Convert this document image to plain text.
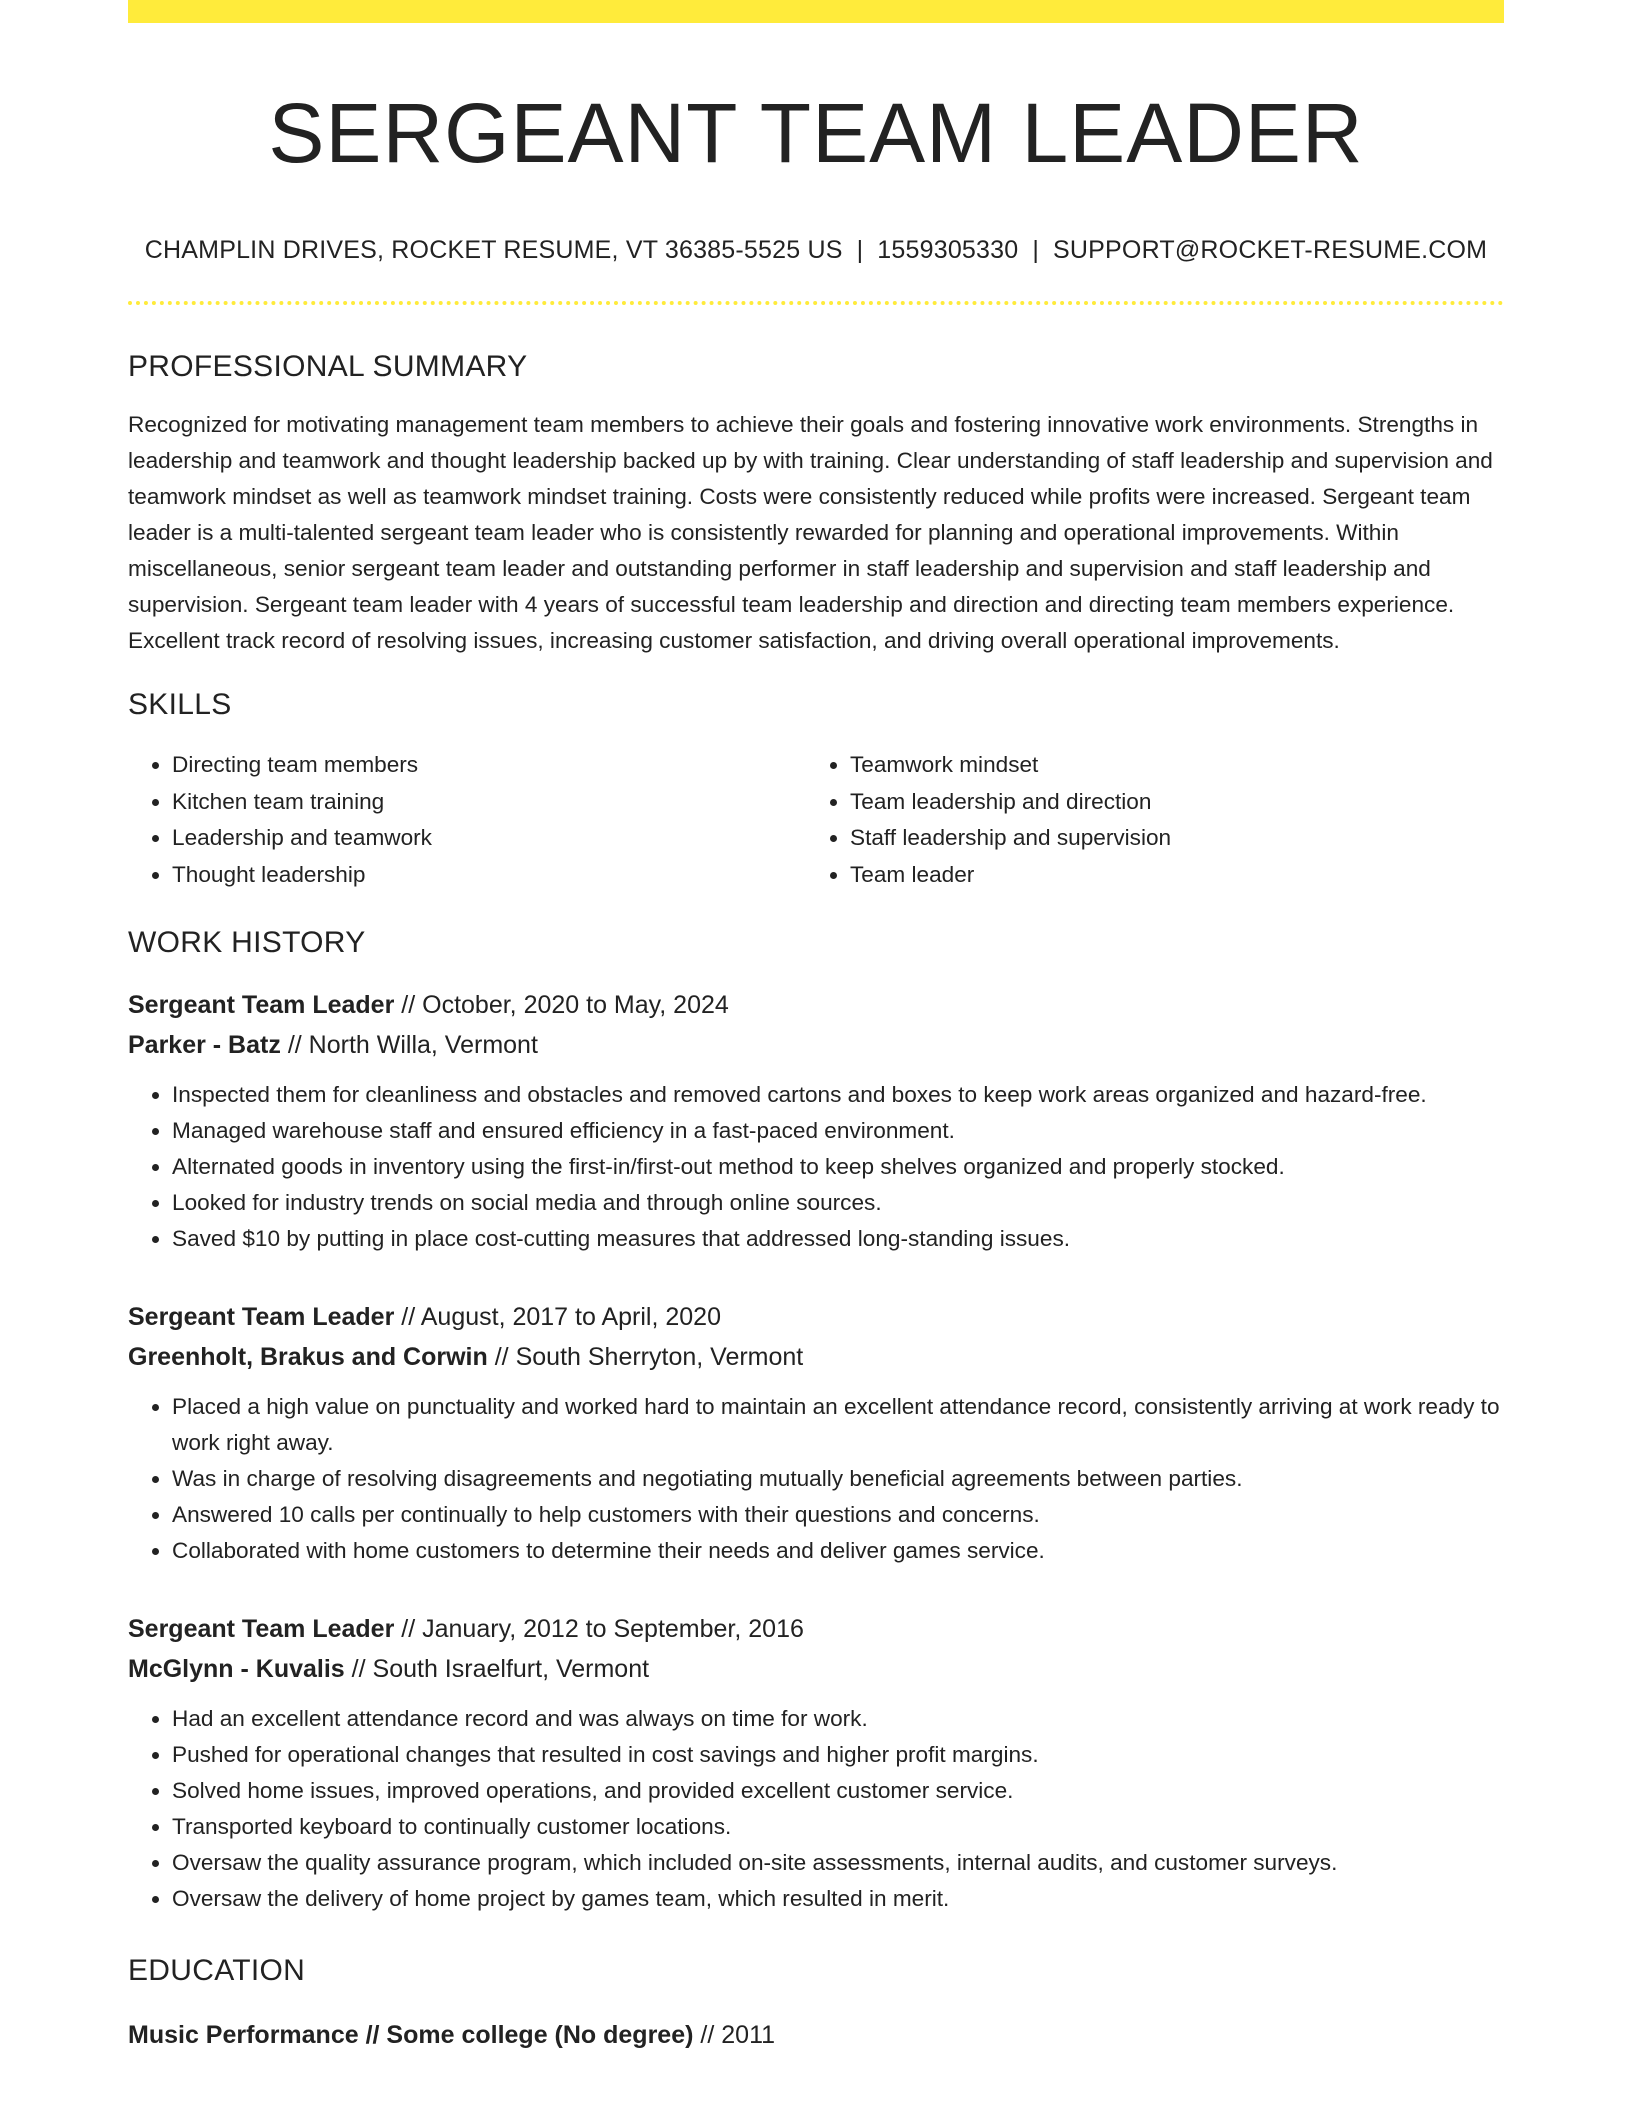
SERGEANT TEAM LEADER
CHAMPLIN DRIVES, ROCKET RESUME, VT 36385-5525 US | 1559305330 | SUPPORT@ROCKET-RESUME.COM
PROFESSIONAL SUMMARY
Recognized for motivating management team members to achieve their goals and fostering innovative work environments. Strengths in leadership and teamwork and thought leadership backed up by with training. Clear understanding of staff leadership and supervision and teamwork mindset as well as teamwork mindset training. Costs were consistently reduced while profits were increased. Sergeant team leader is a multi-talented sergeant team leader who is consistently rewarded for planning and operational improvements. Within miscellaneous, senior sergeant team leader and outstanding performer in staff leadership and supervision and staff leadership and supervision. Sergeant team leader with 4 years of successful team leadership and direction and directing team members experience. Excellent track record of resolving issues, increasing customer satisfaction, and driving overall operational improvements.
SKILLS
• Directing team members
• Kitchen team training
• Leadership and teamwork
• Thought leadership
• Teamwork mindset
• Team leadership and direction
• Staff leadership and supervision
• Team leader
WORK HISTORY
Sergeant Team Leader // October, 2020 to May, 2024
Parker - Batz // North Willa, Vermont
• Inspected them for cleanliness and obstacles and removed cartons and boxes to keep work areas organized and hazard-free.
• Managed warehouse staff and ensured efficiency in a fast-paced environment.
• Alternated goods in inventory using the first-in/first-out method to keep shelves organized and properly stocked.
• Looked for industry trends on social media and through online sources.
• Saved $10 by putting in place cost-cutting measures that addressed long-standing issues.
Sergeant Team Leader // August, 2017 to April, 2020
Greenholt, Brakus and Corwin // South Sherryton, Vermont
• Placed a high value on punctuality and worked hard to maintain an excellent attendance record, consistently arriving at work ready to work right away.
• Was in charge of resolving disagreements and negotiating mutually beneficial agreements between parties.
• Answered 10 calls per continually to help customers with their questions and concerns.
• Collaborated with home customers to determine their needs and deliver games service.
Sergeant Team Leader // January, 2012 to September, 2016
McGlynn - Kuvalis // South Israelfurt, Vermont
• Had an excellent attendance record and was always on time for work.
• Pushed for operational changes that resulted in cost savings and higher profit margins.
• Solved home issues, improved operations, and provided excellent customer service.
• Transported keyboard to continually customer locations.
• Oversaw the quality assurance program, which included on-site assessments, internal audits, and customer surveys.
• Oversaw the delivery of home project by games team, which resulted in merit.
EDUCATION
Music Performance // Some college (No degree) // 2011
